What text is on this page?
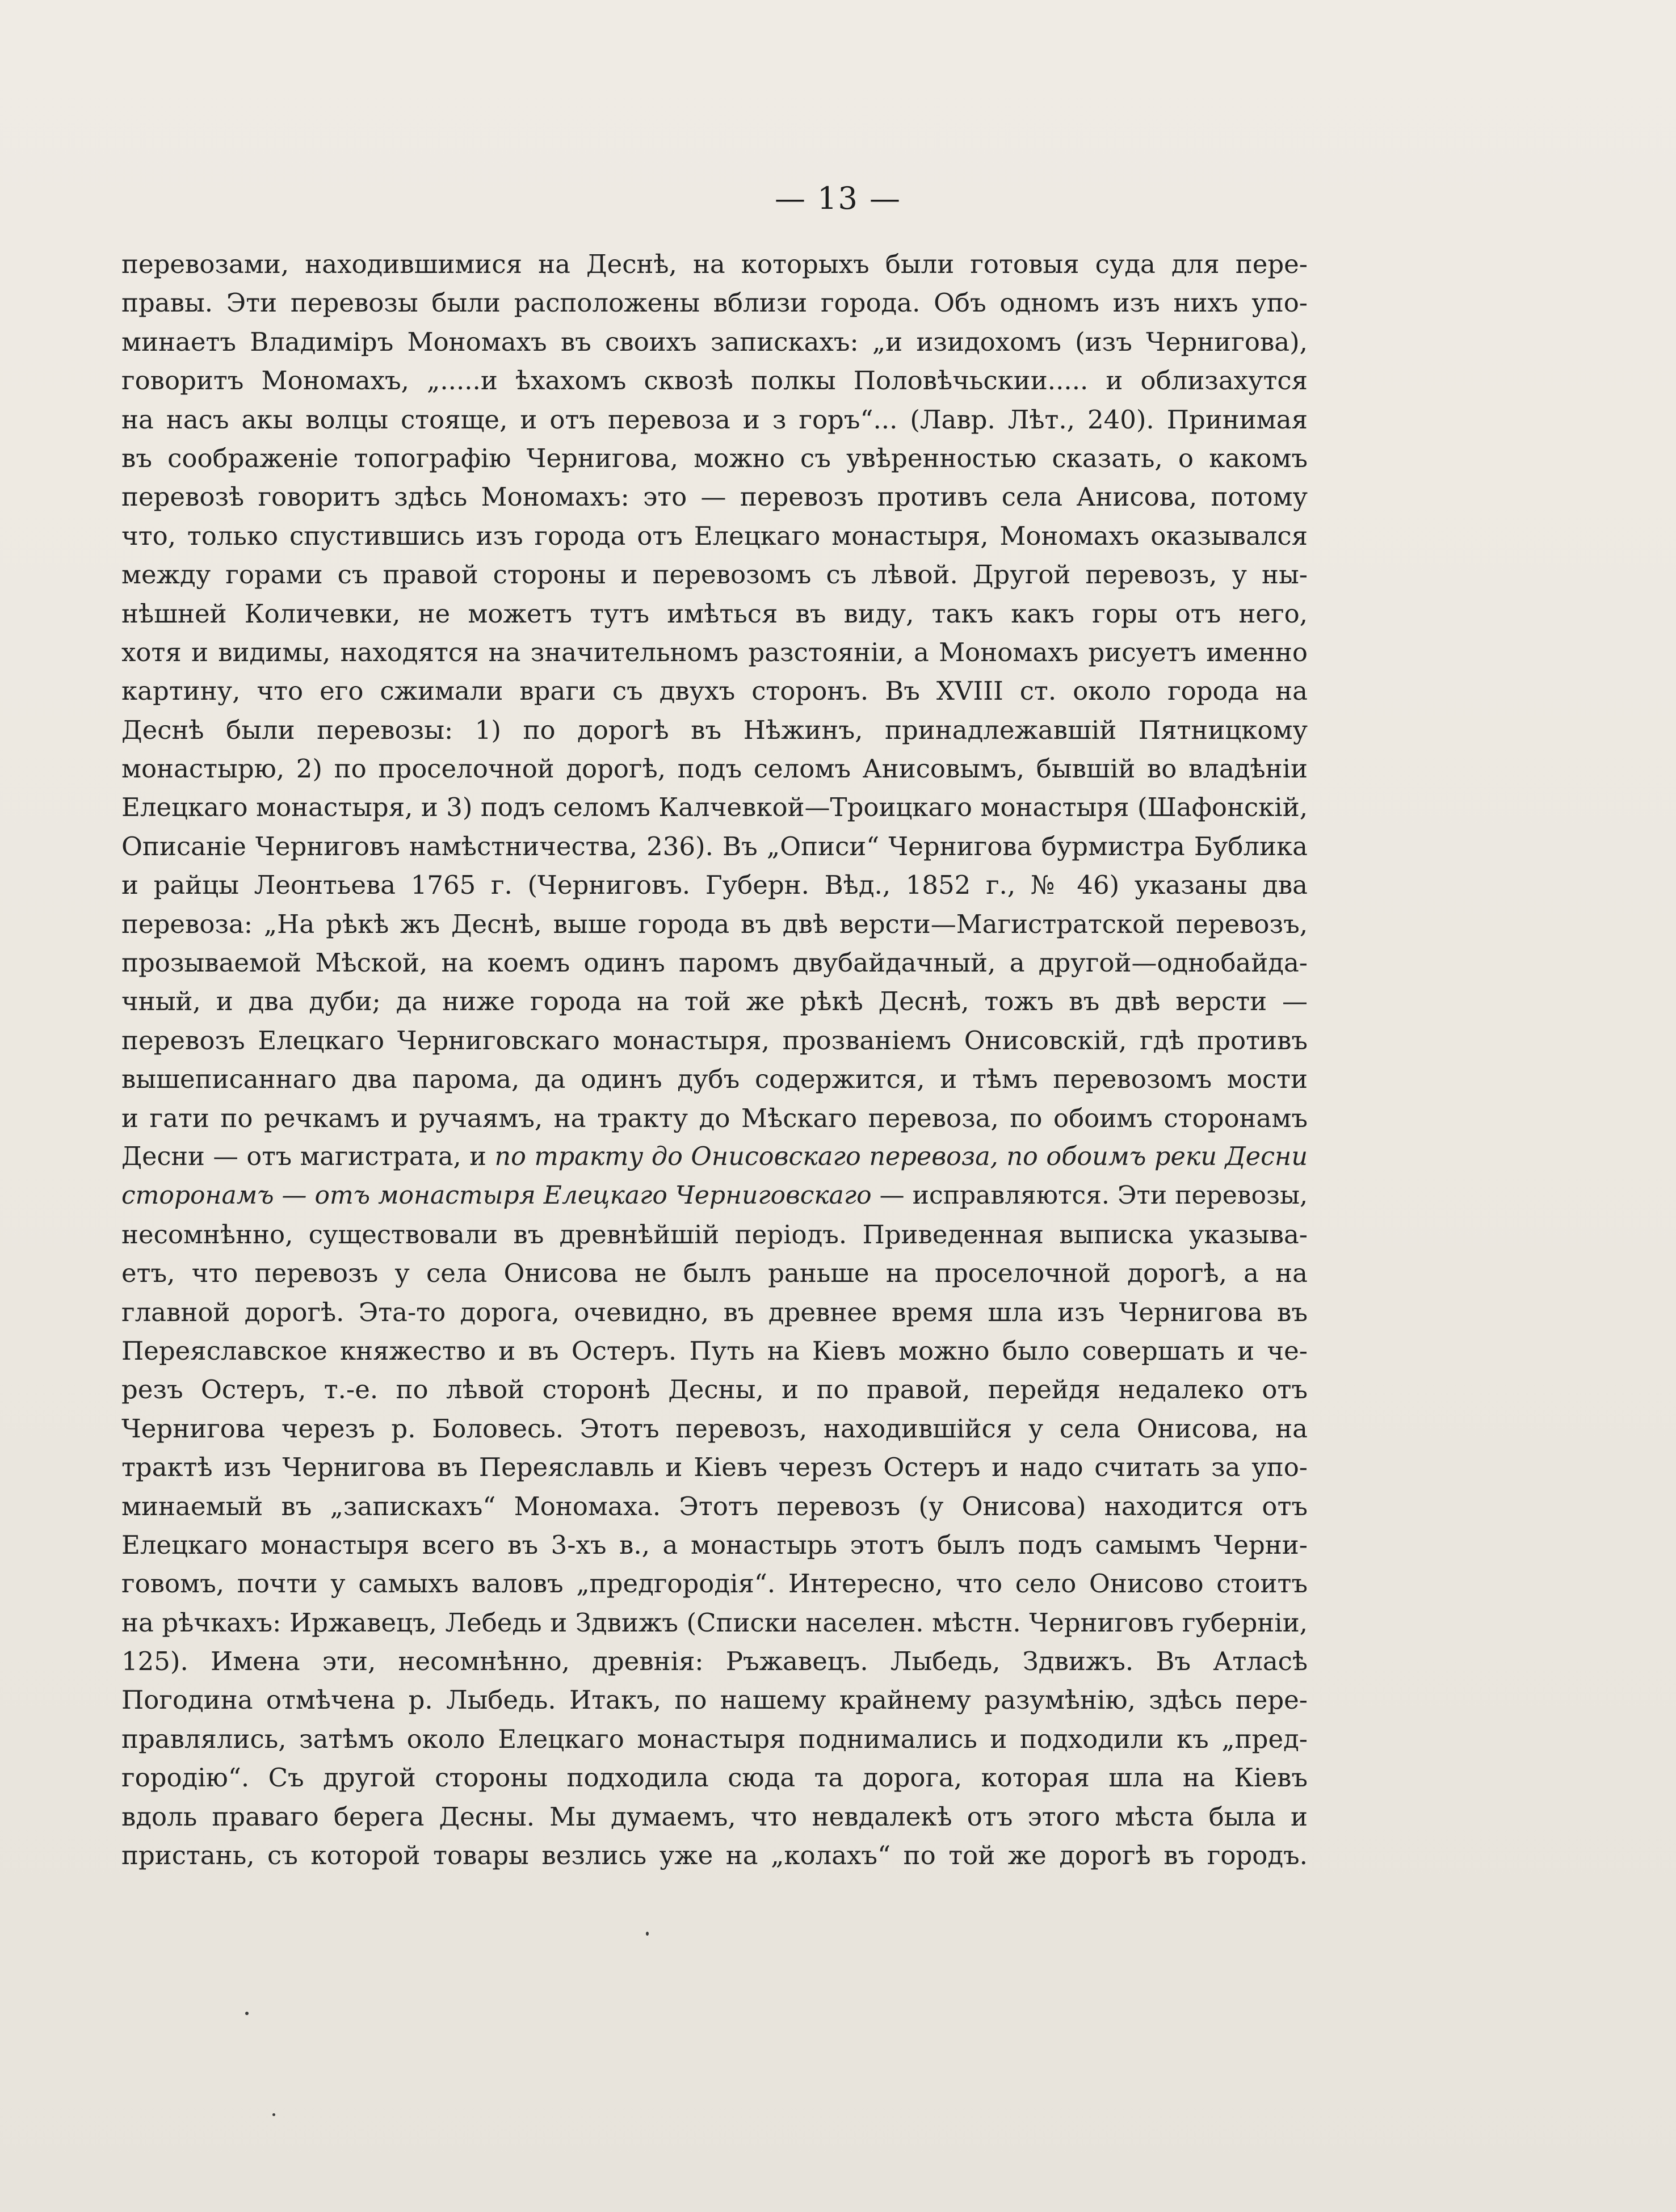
— 13 —
перевозами, находившимися на Деснѣ, на которыхъ были готовыя суда для пере-
правы. Эти перевозы были расположены вблизи города. Объ одномъ изъ нихъ упо-
минаетъ Владиміръ Мономахъ въ своихъ запискахъ: „и изидохомъ (изъ Чернигова),
говоритъ Мономахъ, „.....и ѣхахомъ сквозѣ полкы Половѣчьскии..... и облизахутся
на насъ акы волцы стояще, и отъ перевоза и з горъ“... (Лавр. Лѣт., 240). Принимая
въ соображеніе топографію Чернигова, можно съ увѣренностью сказать, о какомъ
перевозѣ говоритъ здѣсь Мономахъ: это — перевозъ противъ села Анисова, потому
что, только спустившись изъ города отъ Елецкаго монастыря, Мономахъ оказывался
между горами съ правой стороны и перевозомъ съ лѣвой. Другой перевозъ, у ны-
нѣшней Количевки, не можетъ тутъ имѣться въ виду, такъ какъ горы отъ него,
хотя и видимы, находятся на значительномъ разстояніи, а Мономахъ рисуетъ именно
картину, что его сжимали враги съ двухъ сторонъ. Въ XVIII ст. около города на
Деснѣ были перевозы: 1) по дорогѣ въ Нѣжинъ, принадлежавшій Пятницкому
монастырю, 2) по проселочной дорогѣ, подъ селомъ Анисовымъ, бывшій во владѣніи
Елецкаго монастыря, и 3) подъ селомъ Калчевкой—Троицкаго монастыря (Шафонскій,
Описаніе Черниговъ намѣстничества, 236). Въ „Описи“ Чернигова бурмистра Бублика
и райцы Леонтьева 1765 г. (Черниговъ. Губерн. Вѣд., 1852 г., № 46) указаны два
перевоза: „На рѣкѣ жъ Деснѣ, выше города въ двѣ версти—Магистратской перевозъ,
прозываемой Мѣской, на коемъ одинъ паромъ двубайдачный, а другой—однобайда-
чный, и два дуби; да ниже города на той же рѣкѣ Деснѣ, тожъ въ двѣ версти —
перевозъ Елецкаго Черниговскаго монастыря, прозваніемъ Онисовскій, гдѣ противъ
вышеписаннаго два парома, да одинъ дубъ содержится, и тѣмъ перевозомъ мости
и гати по речкамъ и ручаямъ, на тракту до Мѣскаго перевоза, по обоимъ сторонамъ
Десни — отъ магистрата, и по тракту до Онисовскаго перевоза, по обоимъ реки Десни
сторонамъ — отъ монастыря Елецкаго Черниговскаго — исправляются. Эти перевозы,
несомнѣнно, существовали въ древнѣйшій періодъ. Приведенная выписка указыва-
етъ, что перевозъ у села Онисова не былъ раньше на проселочной дорогѣ, а на
главной дорогѣ. Эта-то дорога, очевидно, въ древнее время шла изъ Чернигова въ
Переяславское княжество и въ Остеръ. Путь на Кіевъ можно было совершать и че-
резъ Остеръ, т.-е. по лѣвой сторонѣ Десны, и по правой, перейдя недалеко отъ
Чернигова черезъ р. Боловесь. Этотъ перевозъ, находившійся у села Онисова, на
трактѣ изъ Чернигова въ Переяславль и Кіевъ черезъ Остеръ и надо считать за упо-
минаемый въ „запискахъ“ Мономаха. Этотъ перевозъ (у Онисова) находится отъ
Елецкаго монастыря всего въ 3-хъ в., а монастырь этотъ былъ подъ самымъ Черни-
говомъ, почти у самыхъ валовъ „предгородія“. Интересно, что село Онисово стоитъ
на рѣчкахъ: Иржавецъ, Лебедь и Здвижъ (Списки населен. мѣстн. Черниговъ губерніи,
125). Имена эти, несомнѣнно, древнія: Ръжавецъ. Лыбедь, Здвижъ. Въ Атласѣ
Погодина отмѣчена р. Лыбедь. Итакъ, по нашему крайнему разумѣнію, здѣсь пере-
правлялись, затѣмъ около Елецкаго монастыря поднимались и подходили къ „пред-
городію“. Съ другой стороны подходила сюда та дорога, которая шла на Кіевъ
вдоль праваго берега Десны. Мы думаемъ, что невдалекѣ отъ этого мѣста была и
пристань, съ которой товары везлись уже на „колахъ“ по той же дорогѣ въ городъ.
